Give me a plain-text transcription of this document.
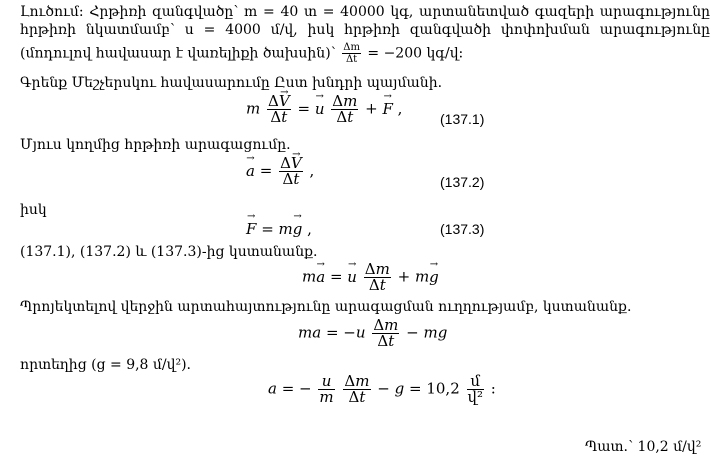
Լուծում: Հրթիռի զանգվածը՝ m = 40 տ = 40000 կգ, արտանետված գազերի արագությունը
հրթիռի նկատմամբ՝ u = 4000 մ/վ, իսկ հրթիռի զանգվածի փոփոխման արագությունը
(մոդուլով հավասար է վառելիքի ծախսին)՝ $\frac{\Delta m}{\Delta t} = -200$ կգ/վ:
Գրենք Մեշչերսկու հավասարումը Ըստ խնդրի պայմանի.
m $\frac{\Delta\to V}{\Delta t}$ = → u $\frac{\Delta m}{\Delta t}$ + → F ,
(137.1)
Մյուս կողմից հրթիռի արագացումը.
→ $a = \frac{\Delta\to V}{\Delta t}$ ,
(137.2)
իսկ
→ F = m→ g ,	(137.3)
(137.1), (137.2) և (137.3)-ից կստանանք.
m→ a = → u $\frac{\Delta m}{\Delta t} + m\to g$
Պրոյեկտելով վերջին արտահայտությունը արագացման ուղղությամբ, կստանանք.
ma = $-u \frac{\Delta m}{\Delta t}$ − mg
որտեղից (g = 9,8 մ/վ²).
a = − $\frac{u}{m}$
$\frac{\Delta m}{\Delta t} - g = 10,2 \frac{\text{մ}}{\text{վ²}}$ :
Պատ.՝ 10,2 մ/վ²
